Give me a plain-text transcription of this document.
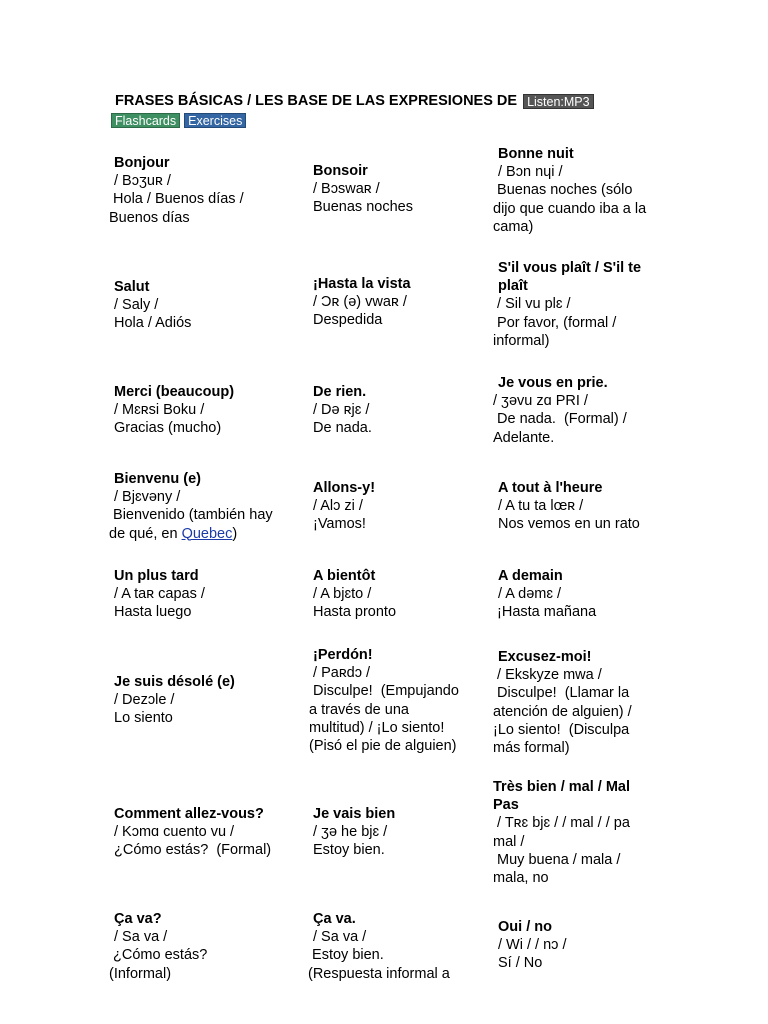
FRASES BÁSICAS / LES BASE DE LAS EXPRESIONES DE Listen:MP3
Flashcards Exercises
Bonjour
/ Bɔʒuʀ /
Hola / Buenos días /
Buenos días
Bonsoir
/ Bɔswaʀ /
Buenas noches
Bonne nuit
/ Bɔn nɥi /
Buenas noches (sólo
dijo que cuando iba a la
cama)
Salut
/ Saly /
Hola / Adiós
¡Hasta la vista
/ Ɔʀ (ə) vwaʀ /
Despedida
S'il vous plaît / S'il te
plaît
/ Sil vu plɛ /
Por favor, (formal /
informal)
Merci (beaucoup)
/ Mɛʀsi Boku /
Gracias (mucho)
De rien.
/ Də ʀjɛ /
De nada.
Je vous en prie.
/ ʒəvu zɑ PRI /
De nada.  (Formal) /
Adelante.
Bienvenu (e)
/ Bjɛvəny /
Bienvenido (también hay
de qué, en Quebec)
Allons-y!
/ Alɔ zi /
¡Vamos!
A tout à l'heure
/ A tu ta lœʀ /
Nos vemos en un rato
Un plus tard
/ A taʀ capas /
Hasta luego
A bientôt
/ A bjɛto /
Hasta pronto
A demain
/ A dəmɛ /
¡Hasta mañana
Je suis désolé (e)
/ Dezɔle /
Lo siento
¡Perdón!
/ Paʀdɔ /
Disculpe!  (Empujando
a través de una
multitud) / ¡Lo siento!
(Pisó el pie de alguien)
Excusez-moi!
/ Ekskyze mwa /
Disculpe!  (Llamar la
atención de alguien) /
¡Lo siento!  (Disculpa
más formal)
Comment allez-vous?
/ Kɔmɑ cuento vu /
¿Cómo estás?  (Formal)
Je vais bien
/ ʒə he bjɛ /
Estoy bien.
Très bien / mal / Mal
Pas
/ Tʀɛ bjɛ / / mal / / pa
mal /
Muy buena / mala /
mala, no
Ça va?
/ Sa va /
¿Cómo estás?
(Informal)
Ça va.
/ Sa va /
Estoy bien.
(Respuesta informal a
Oui / no
/ Wi / / nɔ /
Sí / No
